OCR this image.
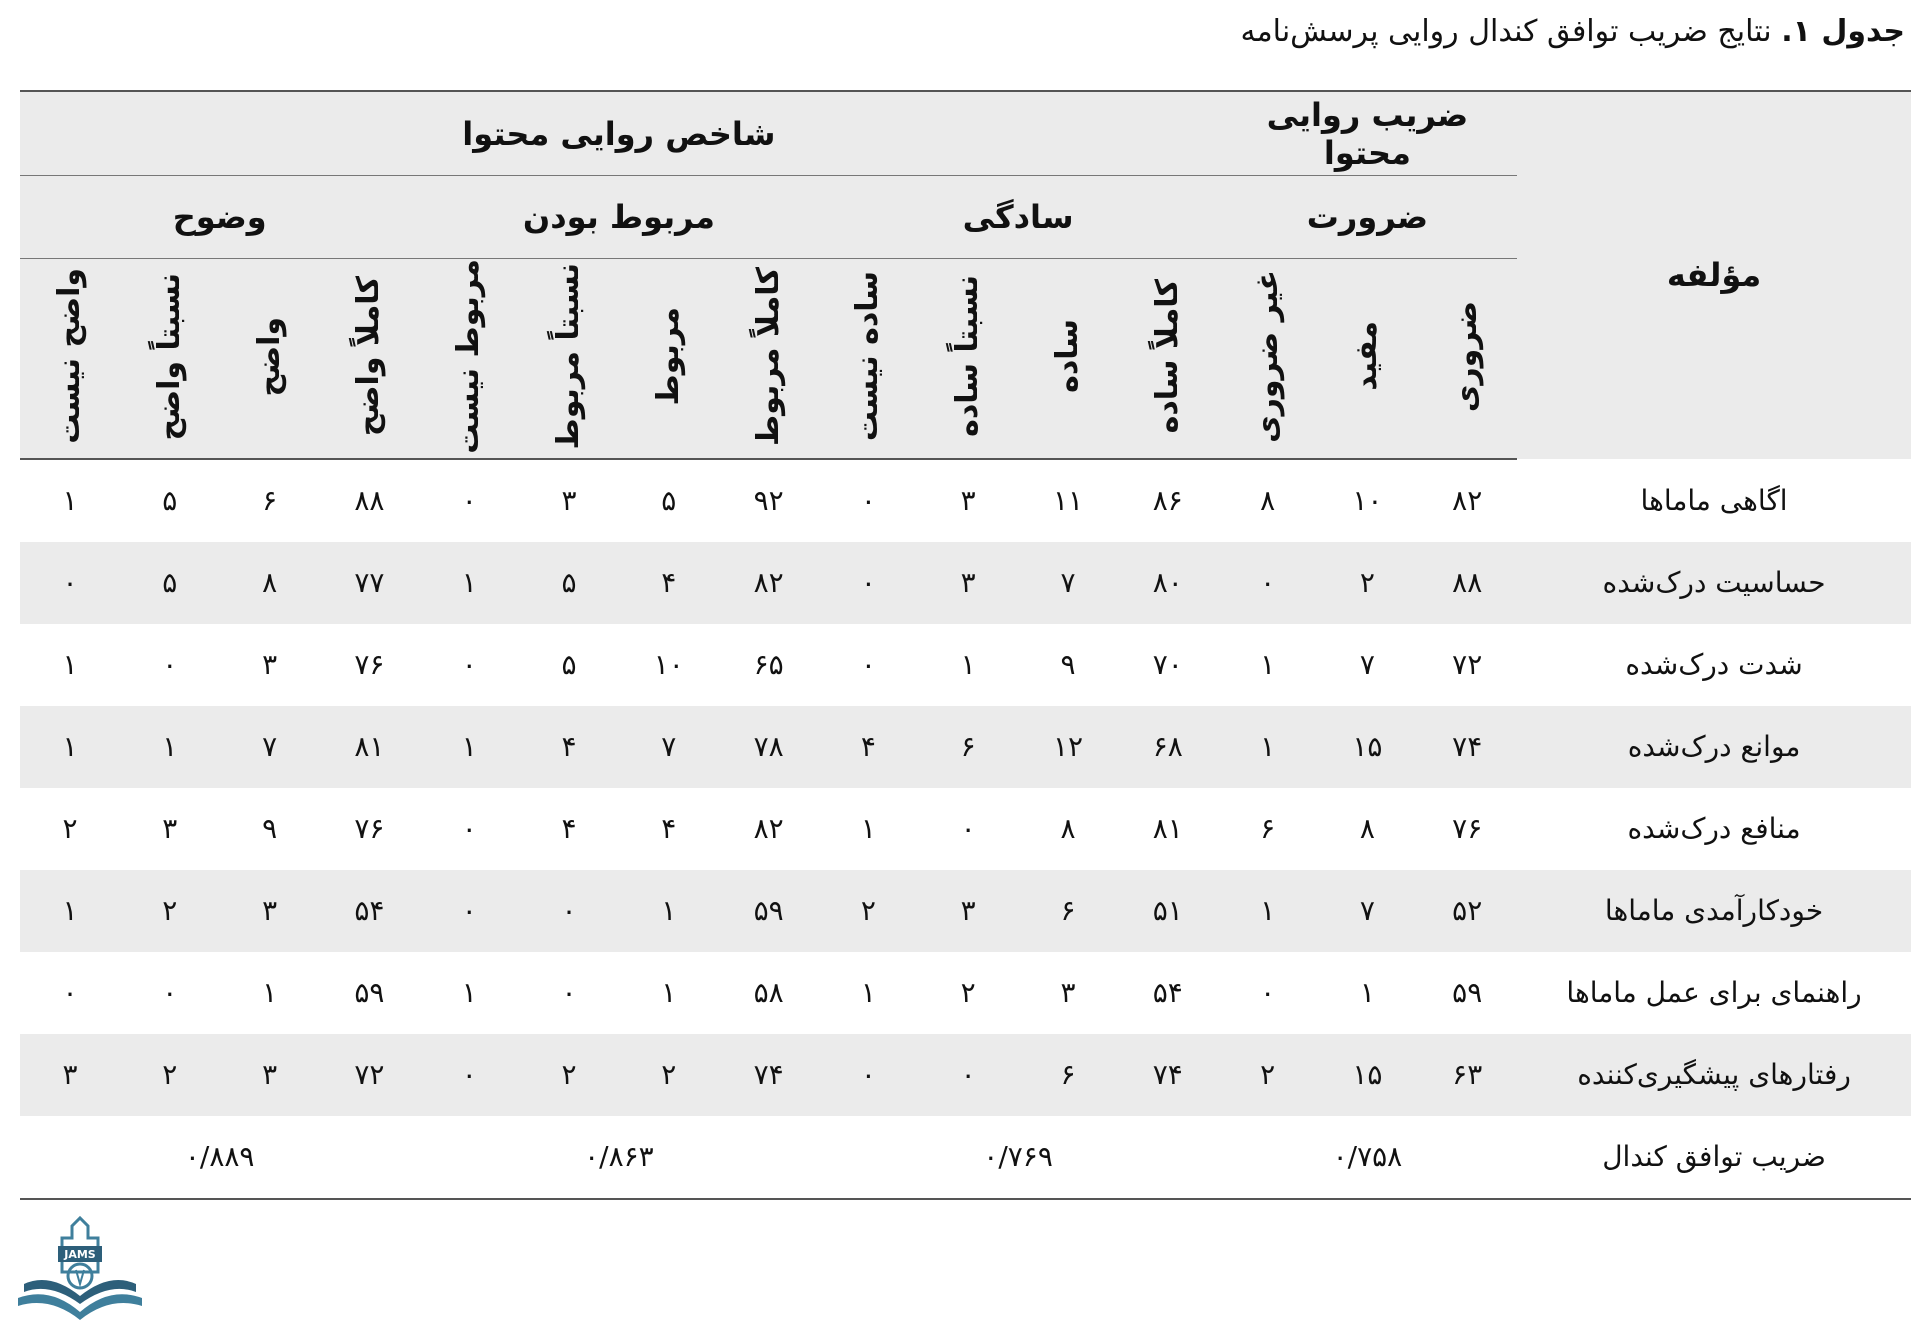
جدول ۱. نتایج ضریب توافق کندال روایی پرسش‌نامه
مؤلفه	ضریب روایی محتوا			شاخص روایی محتوا											
	ضرورت			سادگی				مربوط بودن				وضوح			
	ضروری	مفید	غیر ضروری	کاملاً ساده	ساده	نسبتاً ساده	ساده نیست	کاملاً مربوط	مربوط	نسبتاً مربوط	مربوط نیست	کاملاً واضح	واضح	نسبتاً واضح	واضح نیست
اگاهی ماماها	۸۲	۱۰	۸	۸۶	۱۱	۳	۰	۹۲	۵	۳	۰	۸۸	۶	۵	۱
حساسیت درک‌شده	۸۸	۲	۰	۸۰	۷	۳	۰	۸۲	۴	۵	۱	۷۷	۸	۵	۰
شدت درک‌شده	۷۲	۷	۱	۷۰	۹	۱	۰	۶۵	۱۰	۵	۰	۷۶	۳	۰	۱
موانع درک‌شده	۷۴	۱۵	۱	۶۸	۱۲	۶	۴	۷۸	۷	۴	۱	۸۱	۷	۱	۱
منافع درک‌شده	۷۶	۸	۶	۸۱	۸	۰	۱	۸۲	۴	۴	۰	۷۶	۹	۳	۲
خودکارآمدی ماماها	۵۲	۷	۱	۵۱	۶	۳	۲	۵۹	۱	۰	۰	۵۴	۳	۲	۱
راهنمای برای عمل ماماها	۵۹	۱	۰	۵۴	۳	۲	۱	۵۸	۱	۰	۱	۵۹	۱	۰	۰
رفتارهای پیشگیری‌کننده	۶۳	۱۵	۲	۷۴	۶	۰	۰	۷۴	۲	۲	۰	۷۲	۳	۲	۳
ضریب توافق کندال	۰/۷۵۸			۰/۷۶۹				۰/۸۶۳				۰/۸۸۹			
JAMS
